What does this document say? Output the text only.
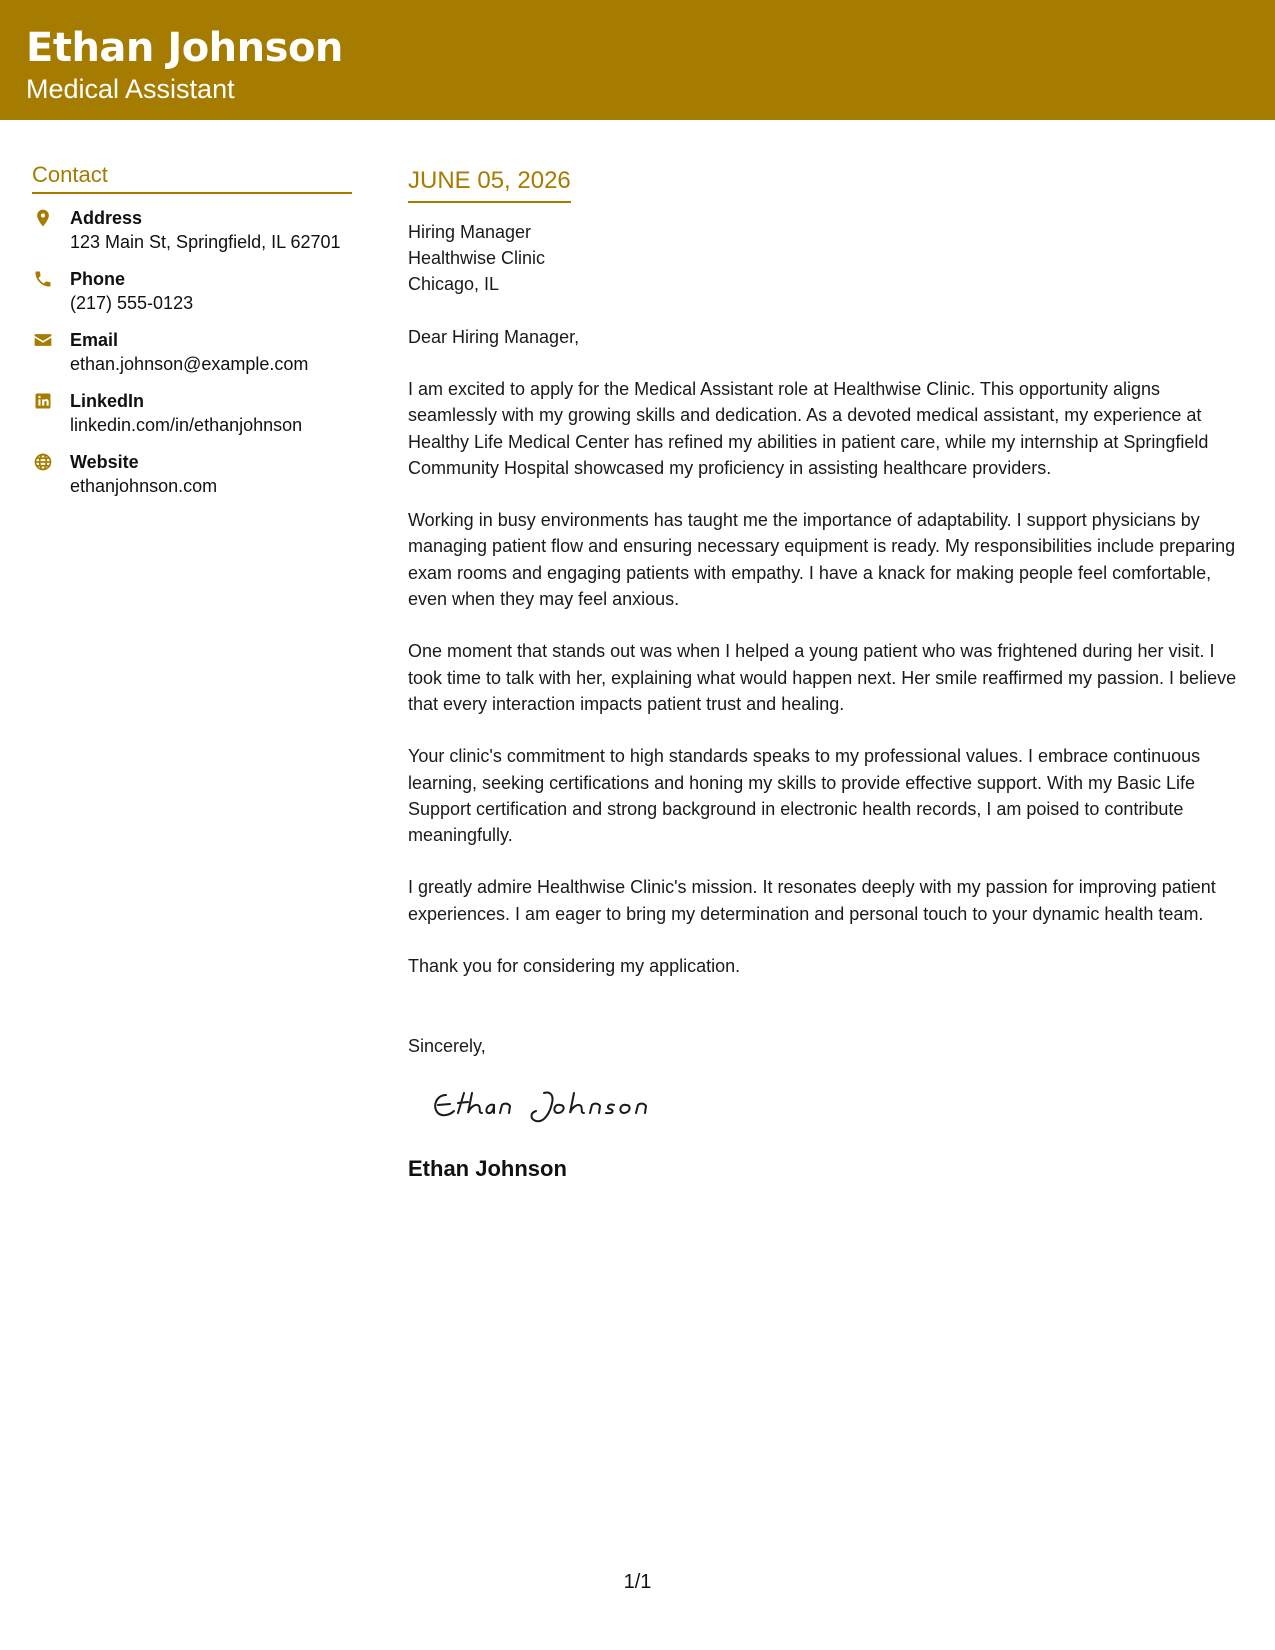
Ethan Johnson
Medical Assistant
Contact
Address
123 Main St, Springfield, IL 62701
Phone
(217) 555-0123
Email
ethan.johnson@example.com
LinkedIn
linkedin.com/in/ethanjohnson
Website
ethanjohnson.com
JUNE 05, 2026
Hiring Manager
Healthwise Clinic
Chicago, IL
Dear Hiring Manager,

I am excited to apply for the Medical Assistant role at Healthwise Clinic. This opportunity aligns seamlessly with my growing skills and dedication. As a devoted medical assistant, my experience at Healthy Life Medical Center has refined my abilities in patient care, while my internship at Springfield Community Hospital showcased my proficiency in assisting healthcare providers.

Working in busy environments has taught me the importance of adaptability. I support physicians by managing patient flow and ensuring necessary equipment is ready. My responsibilities include preparing exam rooms and engaging patients with empathy. I have a knack for making people feel comfortable, even when they may feel anxious.

One moment that stands out was when I helped a young patient who was frightened during her visit. I took time to talk with her, explaining what would happen next. Her smile reaffirmed my passion. I believe that every interaction impacts patient trust and healing.

Your clinic's commitment to high standards speaks to my professional values. I embrace continuous learning, seeking certifications and honing my skills to provide effective support. With my Basic Life Support certification and strong background in electronic health records, I am poised to contribute meaningfully.

I greatly admire Healthwise Clinic's mission. It resonates deeply with my passion for improving patient experiences. I am eager to bring my determination and personal touch to your dynamic health team.

Thank you for considering my application.

Sincerely,
Ethan Johnson
1/1
